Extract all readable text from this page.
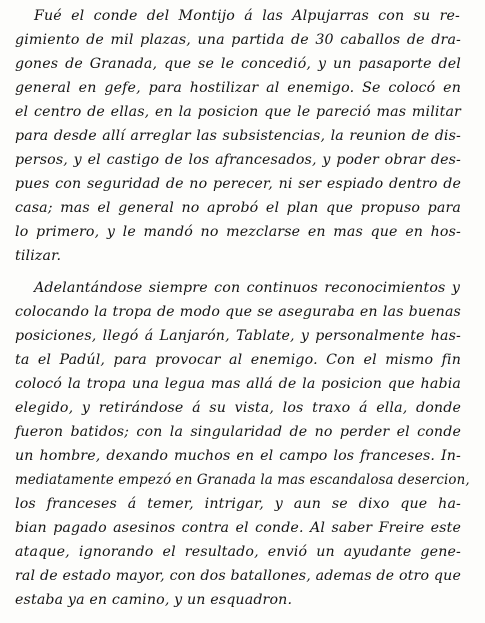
Fué el conde del Montijo á las Alpujarras con su re-
gimiento de mil plazas, una partida de 30 caballos de dra-
gones de Granada, que se le concedió, y un pasaporte del
general en gefe, para hostilizar al enemigo. Se colocó en
el centro de ellas, en la posicion que le pareció mas militar
para desde allí arreglar las subsistencias, la reunion de dis-
persos, y el castigo de los afrancesados, y poder obrar des-
pues con seguridad de no perecer, ni ser espiado dentro de
casa; mas el general no aprobó el plan que propuso para
lo primero, y le mandó no mezclarse en mas que en hos-
tilizar.
Adelantándose siempre con continuos reconocimientos y
colocando la tropa de modo que se aseguraba en las buenas
posiciones, llegó á Lanjarón, Tablate, y personalmente has-
ta el Padúl, para provocar al enemigo. Con el mismo fin
colocó la tropa una legua mas allá de la posicion que habia
elegido, y retirándose á su vista, los traxo á ella, donde
fueron batidos; con la singularidad de no perder el conde
un hombre, dexando muchos en el campo los franceses. In-
mediatamente empezó en Granada la mas escandalosa desercion,
los franceses á temer, intrigar, y aun se dixo que ha-
bian pagado asesinos contra el conde. Al saber Freire este
ataque, ignorando el resultado, envió un ayudante gene-
ral de estado mayor, con dos batallones, ademas de otro que
estaba ya en camino, y un esquadron.
